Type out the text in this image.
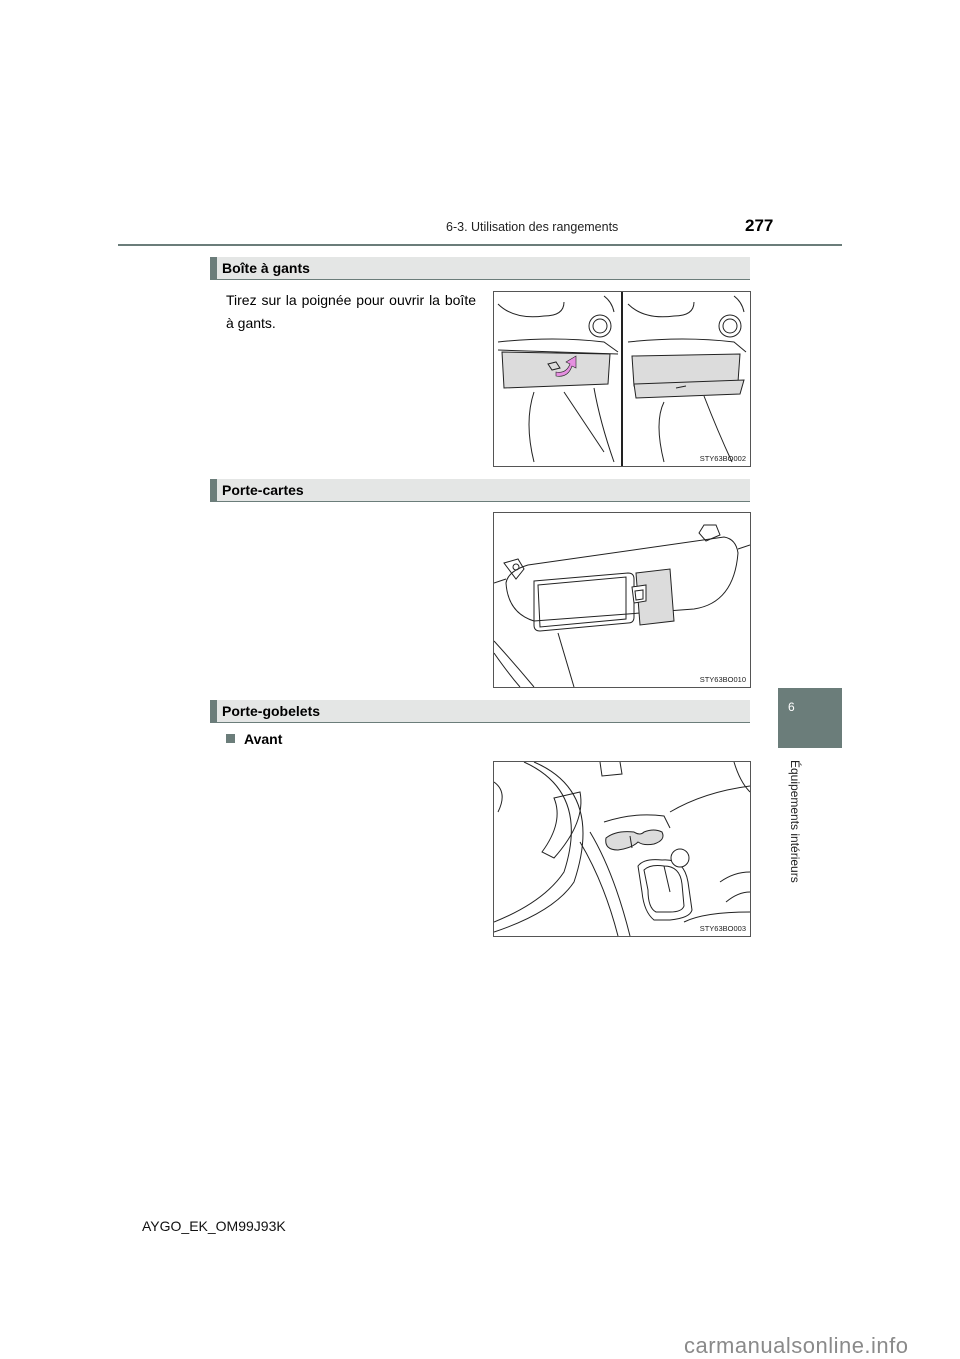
6-3. Utilisation des rangements	277
Boîte à gants
Tirez sur la poignée pour ouvrir la boîte à gants.
STY63BO002
Porte-cartes
STY63BO010
Porte-gobelets
Avant
STY63BO003
6
Équipements intérieurs
AYGO_EK_OM99J93K
carmanualsonline.info
